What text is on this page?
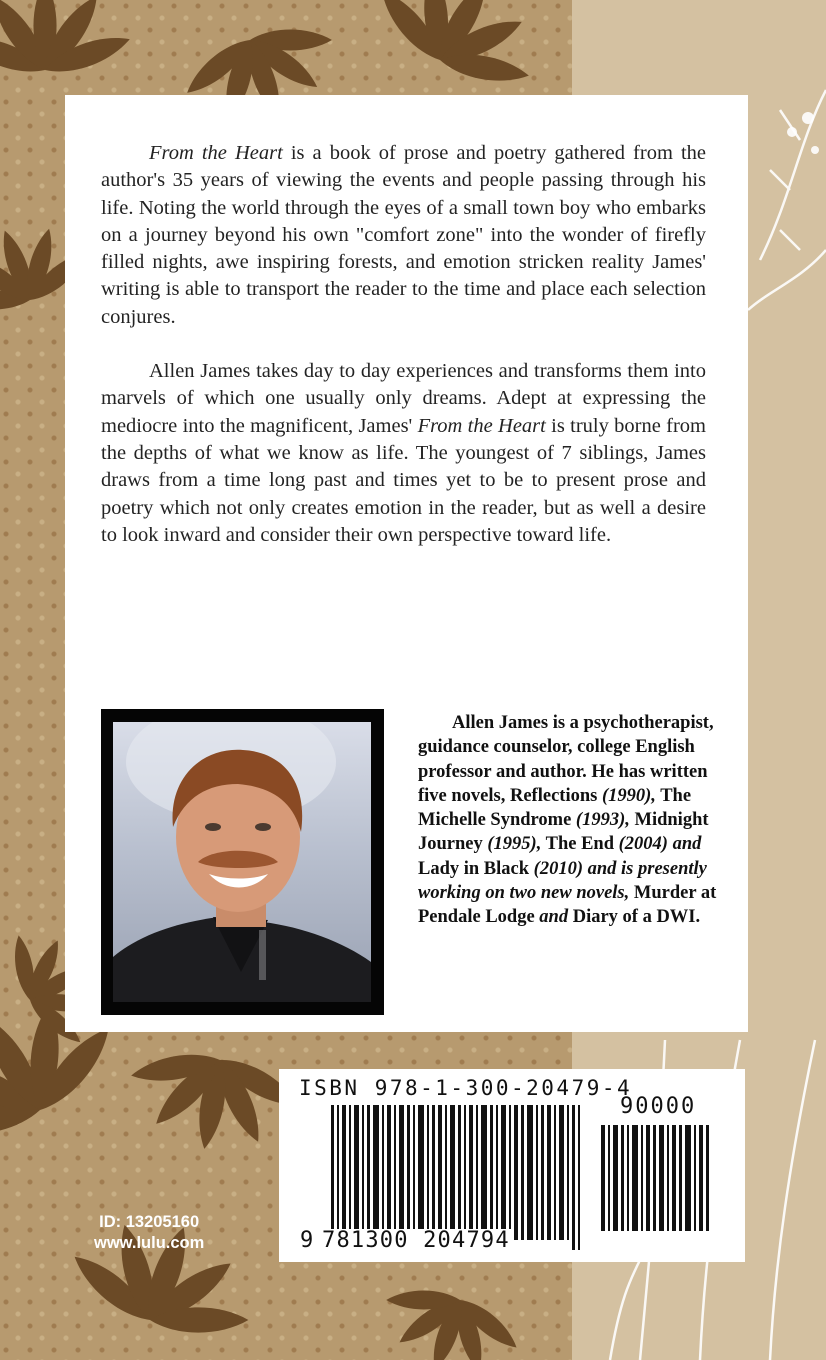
From the Heart is a book of prose and poetry gathered from the author's 35 years of viewing the events and people passing through his life. Noting the world through the eyes of a small town boy who embarks on a journey beyond his own "comfort zone" into the wonder of firefly filled nights, awe inspiring forests, and emotion stricken reality James' writing is able to transport the reader to the time and place each selection conjures.

Allen James takes day to day experiences and transforms them into marvels of which one usually only dreams. Adept at expressing the mediocre into the magnificent, James' From the Heart is truly borne from the depths of what we know as life. The youngest of 7 siblings, James draws from a time long past and times yet to be to present prose and poetry which not only creates emotion in the reader, but as well a desire to look inward and consider their own perspective toward life.

Allen James is a psychotherapist, guidance counselor, college English professor and author. He has written five novels, Reflections (1990), The Michelle Syndrome (1993), Midnight Journey (1995), The End (2004) and Lady in Black (2010) and is presently working on two new novels, Murder at Pendale Lodge and Diary of a DWI.
ISBN 978-1-300-20479-4
90000
9 781300 204794
ID: 13205160
www.lulu.com
